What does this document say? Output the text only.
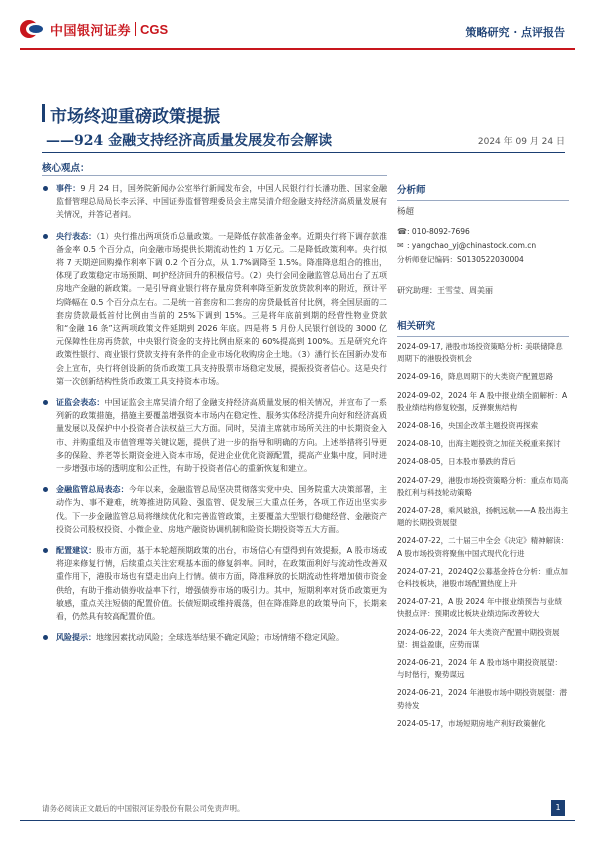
中国银河证券 CGS	策略研究 · 点评报告
市场终迎重磅政策提振
——924 金融支持经济高质量发展发布会解读	2024 年 09 月 24 日
核心观点：
事件：9 月 24 日，国务院新闻办公室举行新闻发布会，中国人民银行行长潘功胜、国家金融监督管理总局局长李云泽、中国证券监督管理委员会主席吴清介绍金融支持经济高质量发展有关情况，并答记者问。
央行表态：（1）央行推出两项货币总量政策。一是降低存款准备金率。近期央行将下调存款准备金率 0.5 个百分点，向金融市场提供长期流动性约 1 万亿元。二是降低政策利率。央行拟将 7 天期逆回购操作利率下调 0.2 个百分点，从 1.7%调降至 1.5%。降准降息组合的推出，体现了政策稳定市场预期、呵护经济回升的积极信号。（2）央行会同金融监管总局出台了五项房地产金融的新政策。一是引导商业银行将存量房贷利率降至新发放贷款利率的附近，预计平均降幅在 0.5 个百分点左右。二是统一首套房和二套房的房贷最低首付比例，将全国层面的二套房贷款最低首付比例由当前的 25%下调到 15%。三是将年底前到期的经营性物业贷款和“金融 16 条”这两项政策文件延期到 2026 年底。四是将 5 月份人民银行创设的 3000 亿元保障性住房再贷款，中央银行资金的支持比例由原来的 60%提高到 100%。五是研究允许政策性银行、商业银行贷款支持有条件的企业市场化收购房企土地。（3）潘行长在国新办发布会上宣布，央行将创设新的货币政策工具支持股票市场稳定发展，提振投资者信心。这是央行第一次创新结构性货币政策工具支持资本市场。
证监会表态：中国证监会主席吴清介绍了金融支持经济高质量发展的相关情况，并宣布了一系列新的政策措施，措施主要覆盖增强资本市场内在稳定性、服务实体经济提升向好和经济高质量发展以及保护中小投资者合法权益三大方面。同时，吴清主席就市场所关注的中长期资金入市、并购重组及市值管理等关键议题，提供了进一步的指导和明确的方向。上述举措将引导更多的保险、养老等长期资金进入资本市场，促进企业优化资源配置，提高产业集中度，同时进一步增强市场的透明度和公正性，有助于投资者信心的重新恢复和建立。
金融监管总局表态：今年以来，金融监管总局坚决贯彻落实党中央、国务院重大决策部署，主动作为、事不避难，统筹推进防风险、强监管、促发展三大重点任务，各项工作迈出坚实步伐。下一步金融监管总局将继续优化和完善监管政策，主要覆盖大型银行稳健经营、金融资产投资公司股权投资、小微企业、房地产融资协调机制和险资长期投资等五大方面。
配置建议：股市方面，基于本轮超预期政策的出台，市场信心有望得到有效提振，A 股市场或将迎来修复行情，后续重点关注宏观基本面的修复斜率。同时，在政策面利好与流动性改善双重作用下，港股市场也有望走出向上行情。债市方面，降准释放的长期流动性将增加债市资金供给，有助于推动债券收益率下行，增强债券市场的吸引力。其中，短期利率对货币政策更为敏感，重点关注短债的配置价值。长债短期或维持震荡，但在降准降息的政策导向下，长期来看，仍然具有较高配置价值。
风险提示：地缘因素扰动风险；全球选举结果不确定风险；市场情绪不稳定风险。
分析师
杨超
☎ : 010-8092-7696
✉ : yangchao_yj@chinastock.com.cn
分析师登记编码：S0130522030004
研究助理：王雪莹、周美丽
相关研究
2024-09-17, 港股市场投资策略分析: 美联储降息周期下的港股投资机会
2024-09-16，降息周期下的大类资产配置思路
2024-09-02，2024 年 A 股中报业绩全面解析：A 股业绩结构修复较强，反弹聚焦结构
2024-08-16，央国企改革主题投资再探索
2024-08-10，出海主题投资之加征关税重来探讨
2024-08-05，日本股市暴跌的背后
2024-07-29，港股市场投资策略分析：重点布局高股红利与科技轮动策略
2024-07-28，乘风破浪，扬帆远航——A 股出海主题的长期投资展望
2024-07-22，二十届三中全会《决定》精神解读：A 股市场投资将聚焦中国式现代化行进
2024-07-21，2024Q2公募基金持仓分析：重点加仓科技板块，港股市场配置热度上升
2024-07-21，A 股 2024 年中报业绩预告与业绩快报点评：预期或比板块业绩边际改善较大
2024-06-22，2024 年大类资产配置中期投资展望：拥益盈康，应势而谋
2024-06-21，2024 年 A 股市场中期投资展望：与时偕行，聚势谋远
2024-06-21，2024 年港股市场中期投资展望：潜势待发
2024-05-17，市场短期房地产利好政策催化
请务必阅读正文最后的中国银河证券股份有限公司免责声明。	1
